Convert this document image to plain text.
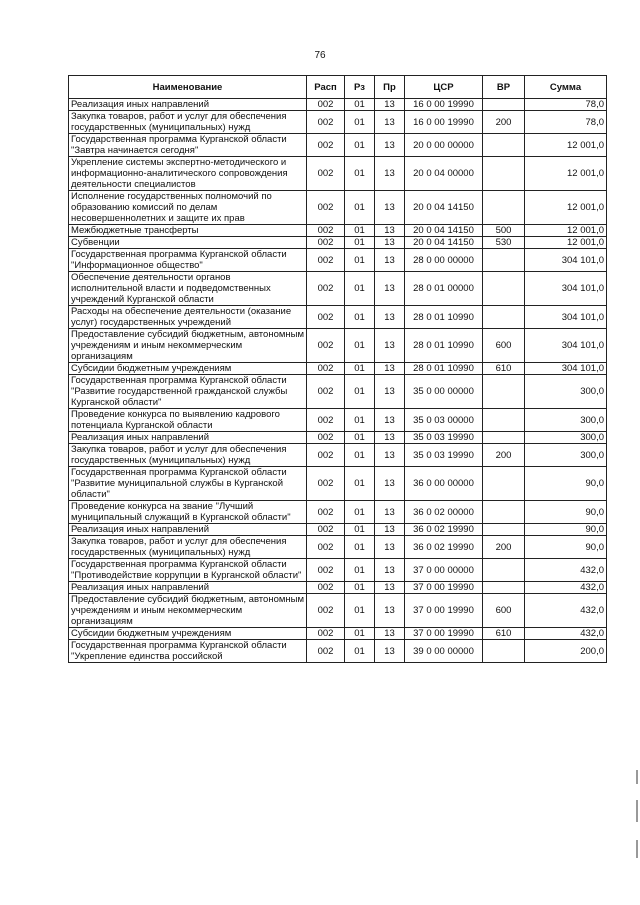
76
Наименование	Расп	Рз	Пр	ЦСР	ВР	Сумма
Реализация иных направлений	002	01	13	16 0 00 19990		78,0
Закупка товаров, работ и услуг для обеспечения государственных (муниципальных) нужд	002	01	13	16 0 00 19990	200	78,0
Государственная программа Курганской области "Завтра начинается сегодня"	002	01	13	20 0 00 00000		12 001,0
Укрепление системы экспертно-методического и информационно-аналитического сопровождения деятельности специалистов	002	01	13	20 0 04 00000		12 001,0
Исполнение государственных полномочий по образованию комиссий по делам несовершеннолетних и защите их прав	002	01	13	20 0 04 14150		12 001,0
Межбюджетные трансферты	002	01	13	20 0 04 14150	500	12 001,0
Субвенции	002	01	13	20 0 04 14150	530	12 001,0
Государственная программа Курганской области "Информационное общество"	002	01	13	28 0 00 00000		304 101,0
Обеспечение деятельности органов исполнительной власти и подведомственных учреждений Курганской области	002	01	13	28 0 01 00000		304 101,0
Расходы на обеспечение деятельности (оказание услуг) государственных учреждений	002	01	13	28 0 01 10990		304 101,0
Предоставление субсидий бюджетным, автономным учреждениям и иным некоммерческим организациям	002	01	13	28 0 01 10990	600	304 101,0
Субсидии бюджетным учреждениям	002	01	13	28 0 01 10990	610	304 101,0
Государственная программа Курганской области "Развитие государственной гражданской службы Курганской области"	002	01	13	35 0 00 00000		300,0
Проведение конкурса по выявлению кадрового потенциала Курганской области	002	01	13	35 0 03 00000		300,0
Реализация иных направлений	002	01	13	35 0 03 19990		300,0
Закупка товаров, работ и услуг для обеспечения государственных (муниципальных) нужд	002	01	13	35 0 03 19990	200	300,0
Государственная программа Курганской области "Развитие муниципальной службы в Курганской области"	002	01	13	36 0 00 00000		90,0
Проведение конкурса на звание "Лучший муниципальный служащий в Курганской области"	002	01	13	36 0 02 00000		90,0
Реализация иных направлений	002	01	13	36 0 02 19990		90,0
Закупка товаров, работ и услуг для обеспечения государственных (муниципальных) нужд	002	01	13	36 0 02 19990	200	90,0
Государственная программа Курганской области "Противодействие коррупции в Курганской области"	002	01	13	37 0 00 00000		432,0
Реализация иных направлений	002	01	13	37 0 00 19990		432,0
Предоставление субсидий бюджетным, автономным учреждениям и иным некоммерческим организациям	002	01	13	37 0 00 19990	600	432,0
Субсидии бюджетным учреждениям	002	01	13	37 0 00 19990	610	432,0
Государственная программа Курганской области "Укрепление единства российской	002	01	13	39 0 00 00000		200,0
